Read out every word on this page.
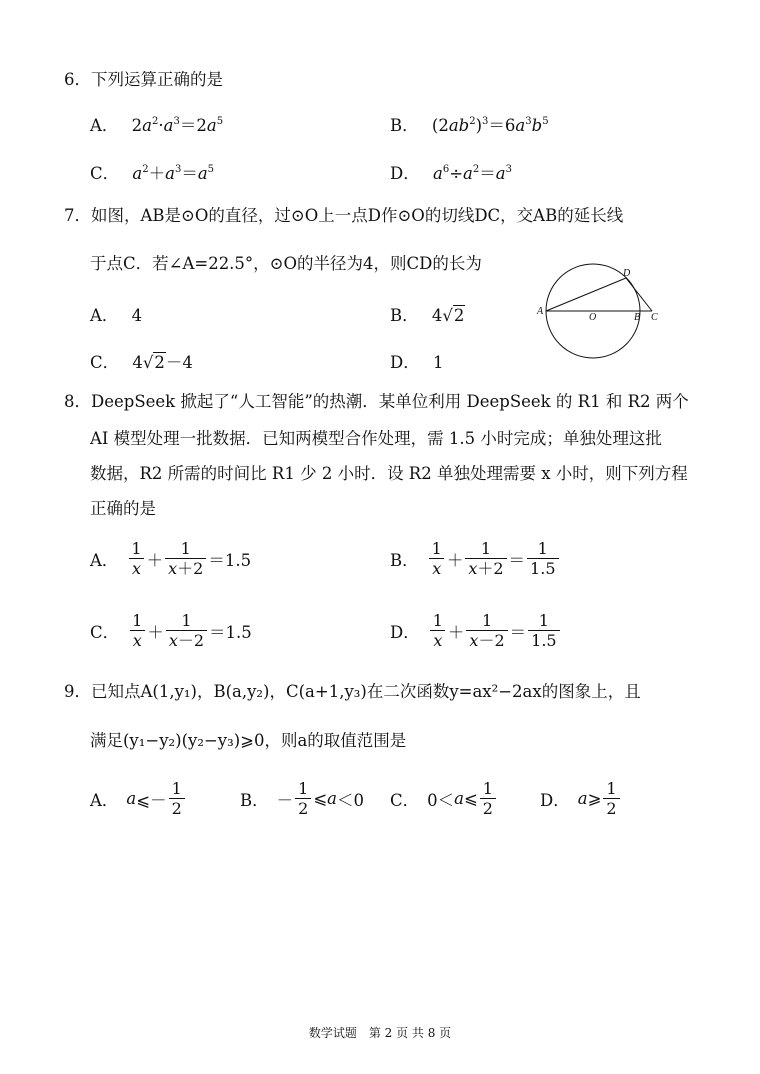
6．下列运算正确的是
A． $2a^2\cdot a^3=2a^5$	B． $(2ab^2)^3=6a^3b^5$
C． $a^2+a^3=a^5$	D． $a^6\div a^2=a^3$
7．如图，AB是⊙O的直径，过⊙O上一点D作⊙O的切线DC，交AB的延长线
于点C．若∠A=22.5°，⊙O的半径为4，则CD的长为
A． 4	B． 4√2
C． 4√2－4	D． 1
A
O	B C
D
8．DeepSeek 掀起了“人工智能”的热潮．某单位利用 DeepSeek 的 R1 和 R2 两个
AI 模型处理一批数据．已知两模型合作处理，需 1.5 小时完成；单独处理这批
数据，R2 所需的时间比 R1 少 2 小时．设 R2 单独处理需要 x 小时，则下列方程
正确的是
A． $\frac{1}{x} + \frac{1}{x+2} =1.5$	B． $\frac{1}{x} + \frac{1}{x+2} = \frac{1}{1.5}$
C． $\frac{1}{x} + \frac{1}{x-2} =1.5$	D． $\frac{1}{x} + \frac{1}{x-2} = \frac{1}{1.5}$
9．已知点A(1,y₁)，B(a,y₂)，C(a+1,y₃)在二次函数y=ax²−2ax的图象上，且
满足(y₁−y₂)(y₂−y₃)⩾0，则a的取值范围是
A． a ⩽－ $\frac{1}{2}$	B． － $\frac{1}{2}$ ⩽ a ＜0 C． 0＜ a ⩽ $\frac{1}{2}$	D． a ⩾ $\frac{1}{2}$
数学试题　第 2 页 共 8 页
